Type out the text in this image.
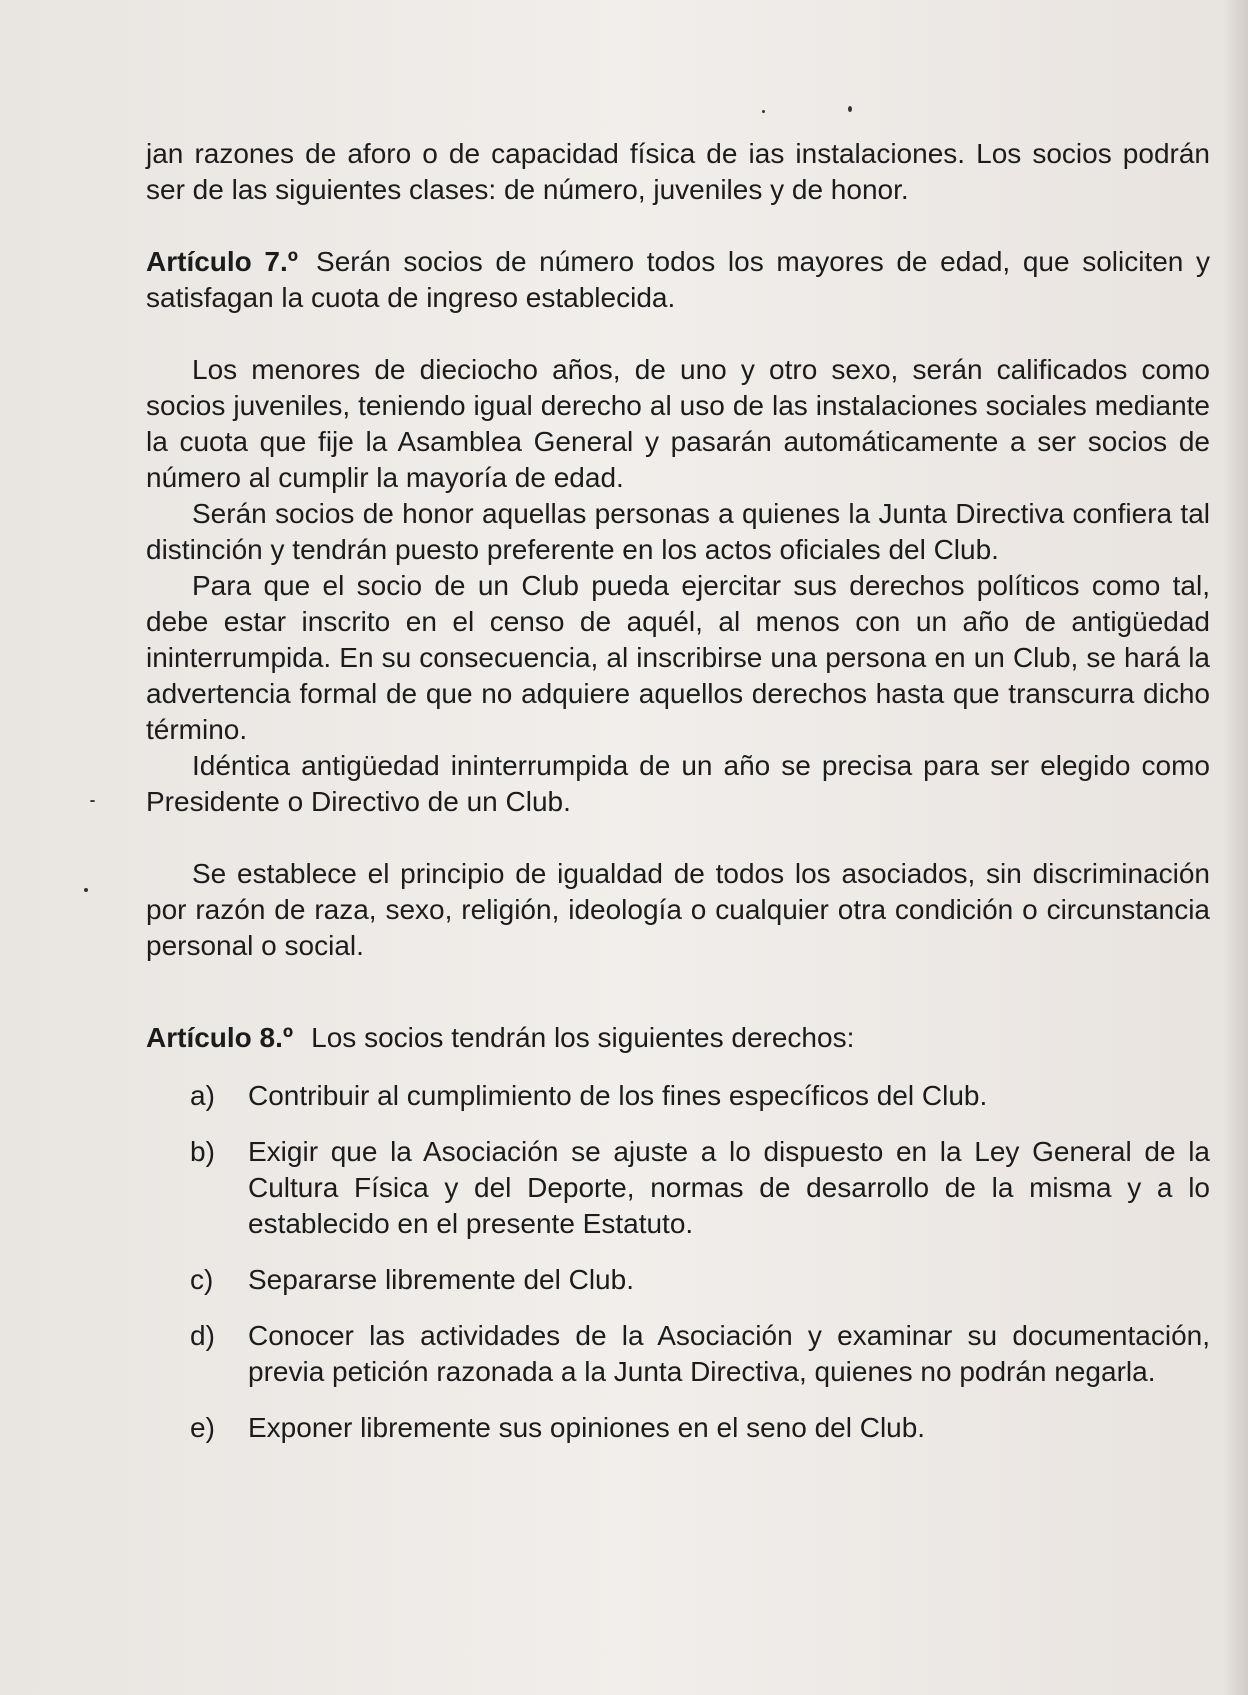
jan razones de aforo o de capacidad física de ias instalaciones. Los socios podrán ser de las siguientes clases: de número, juveniles y de honor.

Artículo 7.º Serán socios de número todos los mayores de edad, que soliciten y satisfagan la cuota de ingreso establecida.

Los menores de dieciocho años, de uno y otro sexo, serán calificados como socios juveniles, teniendo igual derecho al uso de las instalaciones sociales mediante la cuota que fije la Asamblea General y pasarán automáticamente a ser socios de número al cumplir la mayoría de edad.

Serán socios de honor aquellas personas a quienes la Junta Directiva confiera tal distinción y tendrán puesto preferente en los actos oficiales del Club.

Para que el socio de un Club pueda ejercitar sus derechos políticos como tal, debe estar inscrito en el censo de aquél, al menos con un año de antigüedad ininterrumpida. En su consecuencia, al inscribirse una persona en un Club, se hará la advertencia formal de que no adquiere aquellos derechos hasta que transcurra dicho término.

Idéntica antigüedad ininterrumpida de un año se precisa para ser elegido como Presidente o Directivo de un Club.

Se establece el principio de igualdad de todos los asociados, sin discriminación por razón de raza, sexo, religión, ideología o cualquier otra condición o circunstancia personal o social.

Artículo 8.º Los socios tendrán los siguientes derechos:

a)	Contribuir al cumplimiento de los fines específicos del Club.
b)	Exigir que la Asociación se ajuste a lo dispuesto en la Ley General de la Cultura Física y del Deporte, normas de desarrollo de la misma y a lo establecido en el presente Estatuto.
c)	Separarse libremente del Club.
d)	Conocer las actividades de la Asociación y examinar su documentación, previa petición razonada a la Junta Directiva, quienes no podrán negarla.
e)	Exponer libremente sus opiniones en el seno del Club.
